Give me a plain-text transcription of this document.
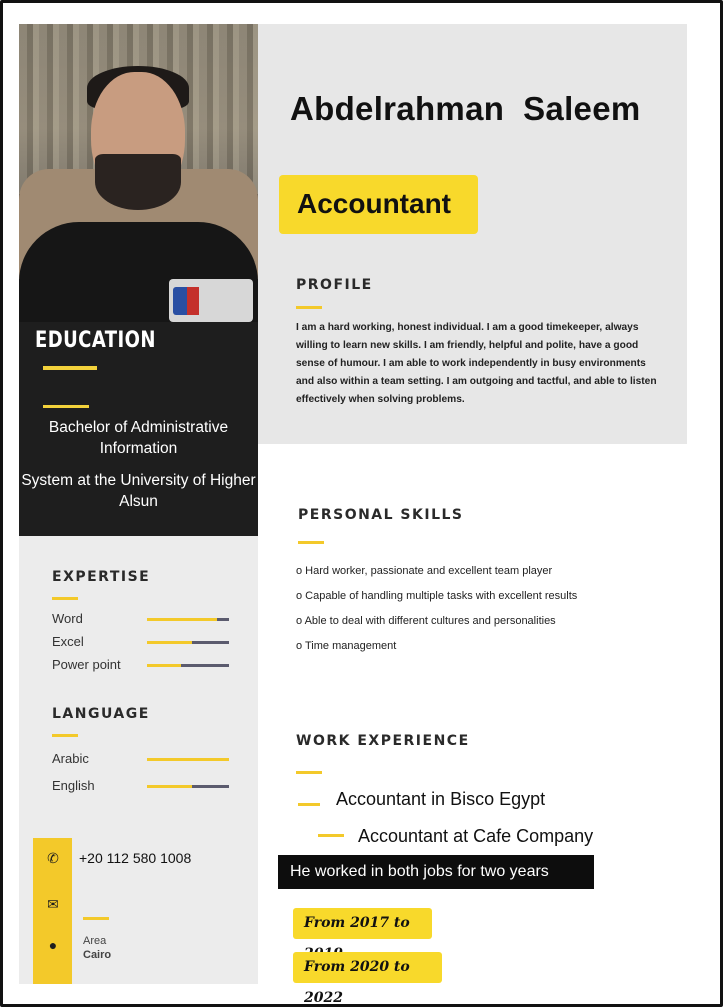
EDUCATION
Bachelor of Administrative Information
System at the University of Higher Alsun
EXPERTISE
Word
Excel
Power point
LANGUAGE
Arabic
English
✆
✉
●
+20 112 580 1008
Area
Cairo
Abdelrahman  Saleem
Accountant
PROFILE
I am a hard working, honest individual. I am a good timekeeper, always willing to learn new skills. I am friendly, helpful and polite, have a good sense of humour. I am able to work independently in busy environments and also within a team setting. I am outgoing and tactful, and able to listen effectively when solving problems.
PERSONAL SKILLS
o Hard worker, passionate and excellent team player
o Capable of handling multiple tasks with excellent results
o Able to deal with different cultures and personalities
o Time management
WORK EXPERIENCE
Accountant in Bisco Egypt
Accountant at Cafe Company
He worked in both jobs for two years
From 2017 to
From 2020 to 2022
